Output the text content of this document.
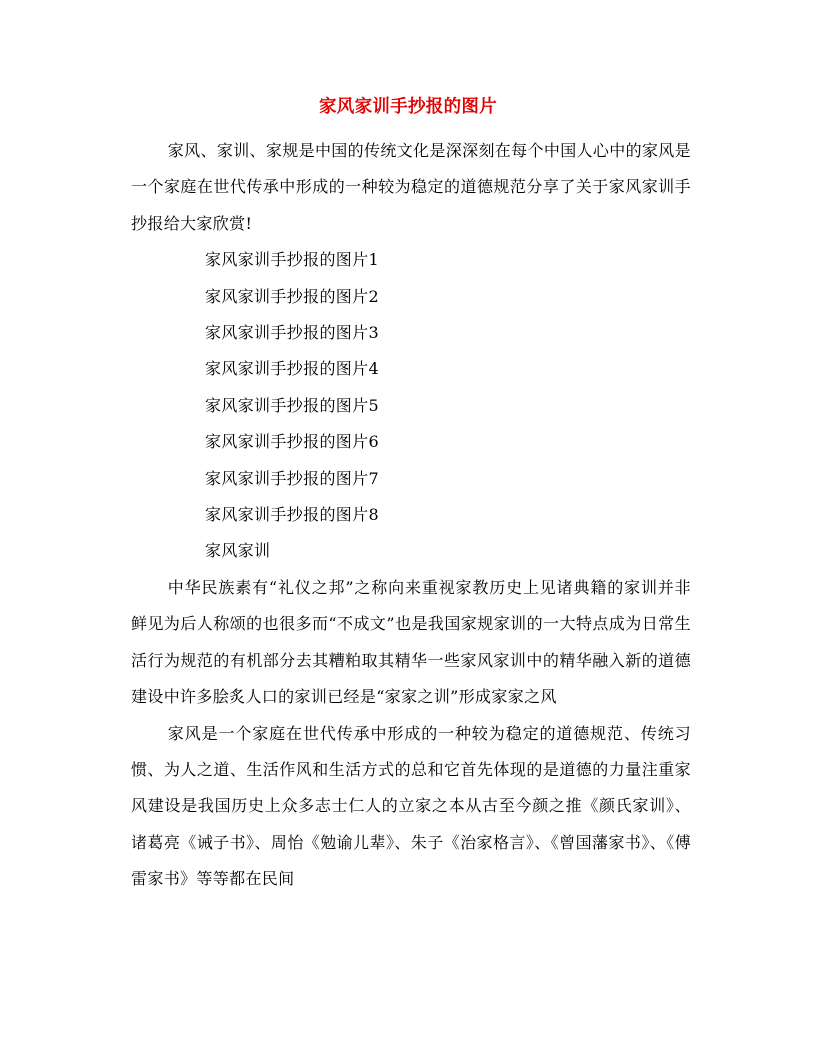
家风家训手抄报的图片

家风、家训、家规是中国的传统文化是深深刻在每个中国人心中的家风是一个家庭在世代传承中形成的一种较为稳定的道德规范分享了关于家风家训手抄报给大家欣赏!

家风家训手抄报的图片1

家风家训手抄报的图片2

家风家训手抄报的图片3

家风家训手抄报的图片4

家风家训手抄报的图片5

家风家训手抄报的图片6

家风家训手抄报的图片7

家风家训手抄报的图片8

家风家训

中华民族素有“礼仪之邦”之称向来重视家教历史上见诸典籍的家训并非鲜见为后人称颂的也很多而“不成文”也是我国家规家训的一大特点成为日常生活行为规范的有机部分去其糟粕取其精华一些家风家训中的精华融入新的道德建设中许多脍炙人口的家训已经是“家家之训”形成家家之风

家风是一个家庭在世代传承中形成的一种较为稳定的道德规范、传统习惯、为人之道、生活作风和生活方式的总和它首先体现的是道德的力量注重家风建设是我国历史上众多志士仁人的立家之本从古至今颜之推《颜氏家训》、诸葛亮《诫子书》、周怡《勉谕儿辈》、朱子《治家格言》、《曾国藩家书》、《傅雷家书》等等都在民间
